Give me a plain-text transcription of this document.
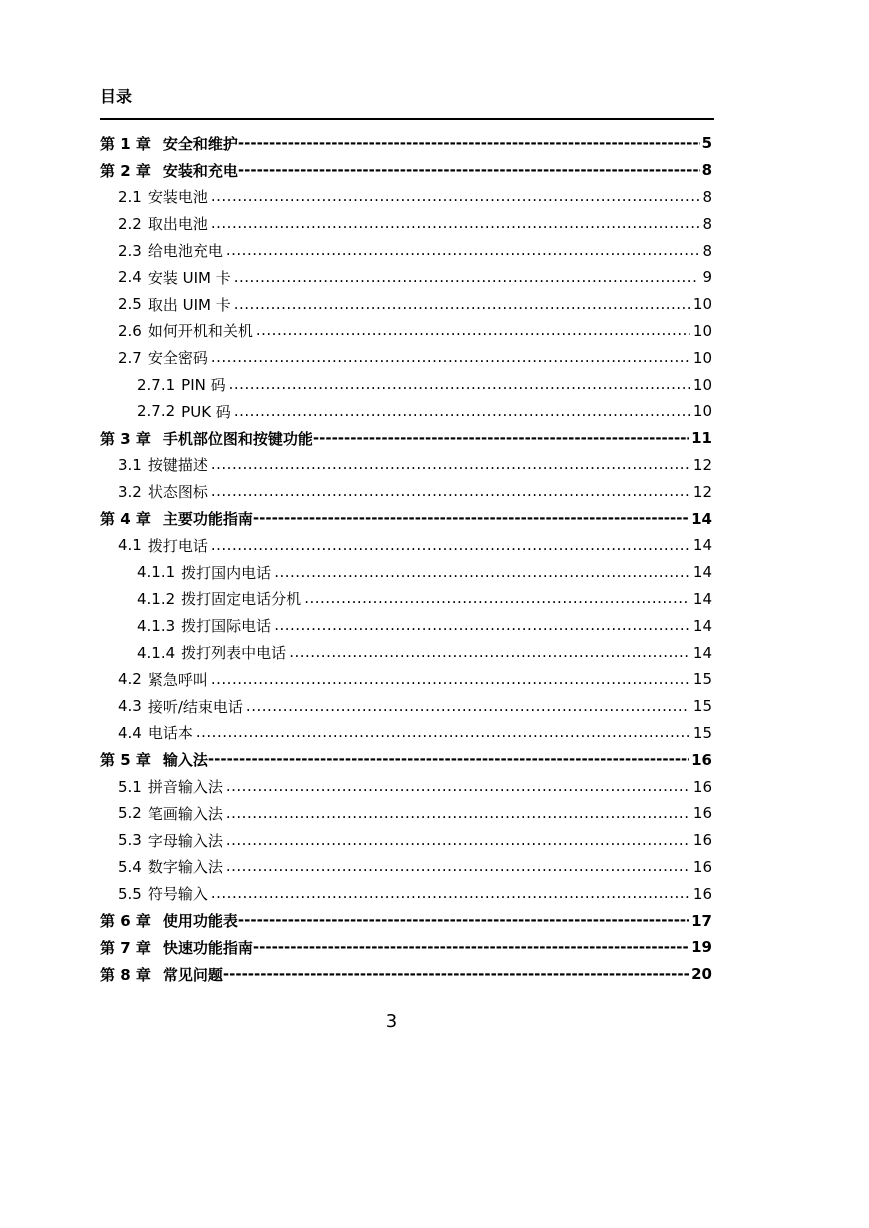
目录
第 1 章 安全和维护 -----	5
第 2 章 安装和充电 -----	8
2.1 安装电池 .....	8
2.2 取出电池 .....	8
2.3 给电池充电 .....	8
2.4 安装 UIM 卡 .....	9
2.5 取出 UIM 卡 .....	10
2.6 如何开机和关机 .....	10
2.7 安全密码 .....	10
2.7.1 PIN 码 .....	10
2.7.2 PUK 码 .....	10
第 3 章 手机部位图和按键功能 -----	11
3.1 按键描述 .....	12
3.2 状态图标 .....	12
第 4 章 主要功能指南 -----	14
4.1 拨打电话 .....	14
4.1.1 拨打国内电话 .....	14
4.1.2 拨打固定电话分机 .....	14
4.1.3 拨打国际电话 .....	14
4.1.4 拨打列表中电话 .....	14
4.2 紧急呼叫 .....	15
4.3 接听/结束电话 .....	15
4.4 电话本 .....	15
第 5 章 输入法 -----	16
5.1 拼音输入法 .....	16
5.2 笔画输入法 .....	16
5.3 字母输入法 .....	16
5.4 数字输入法 .....	16
5.5 符号输入 .....	16
第 6 章 使用功能表 -----	17
第 7 章 快速功能指南 -----	19
第 8 章 常见问题 -----	20
3
